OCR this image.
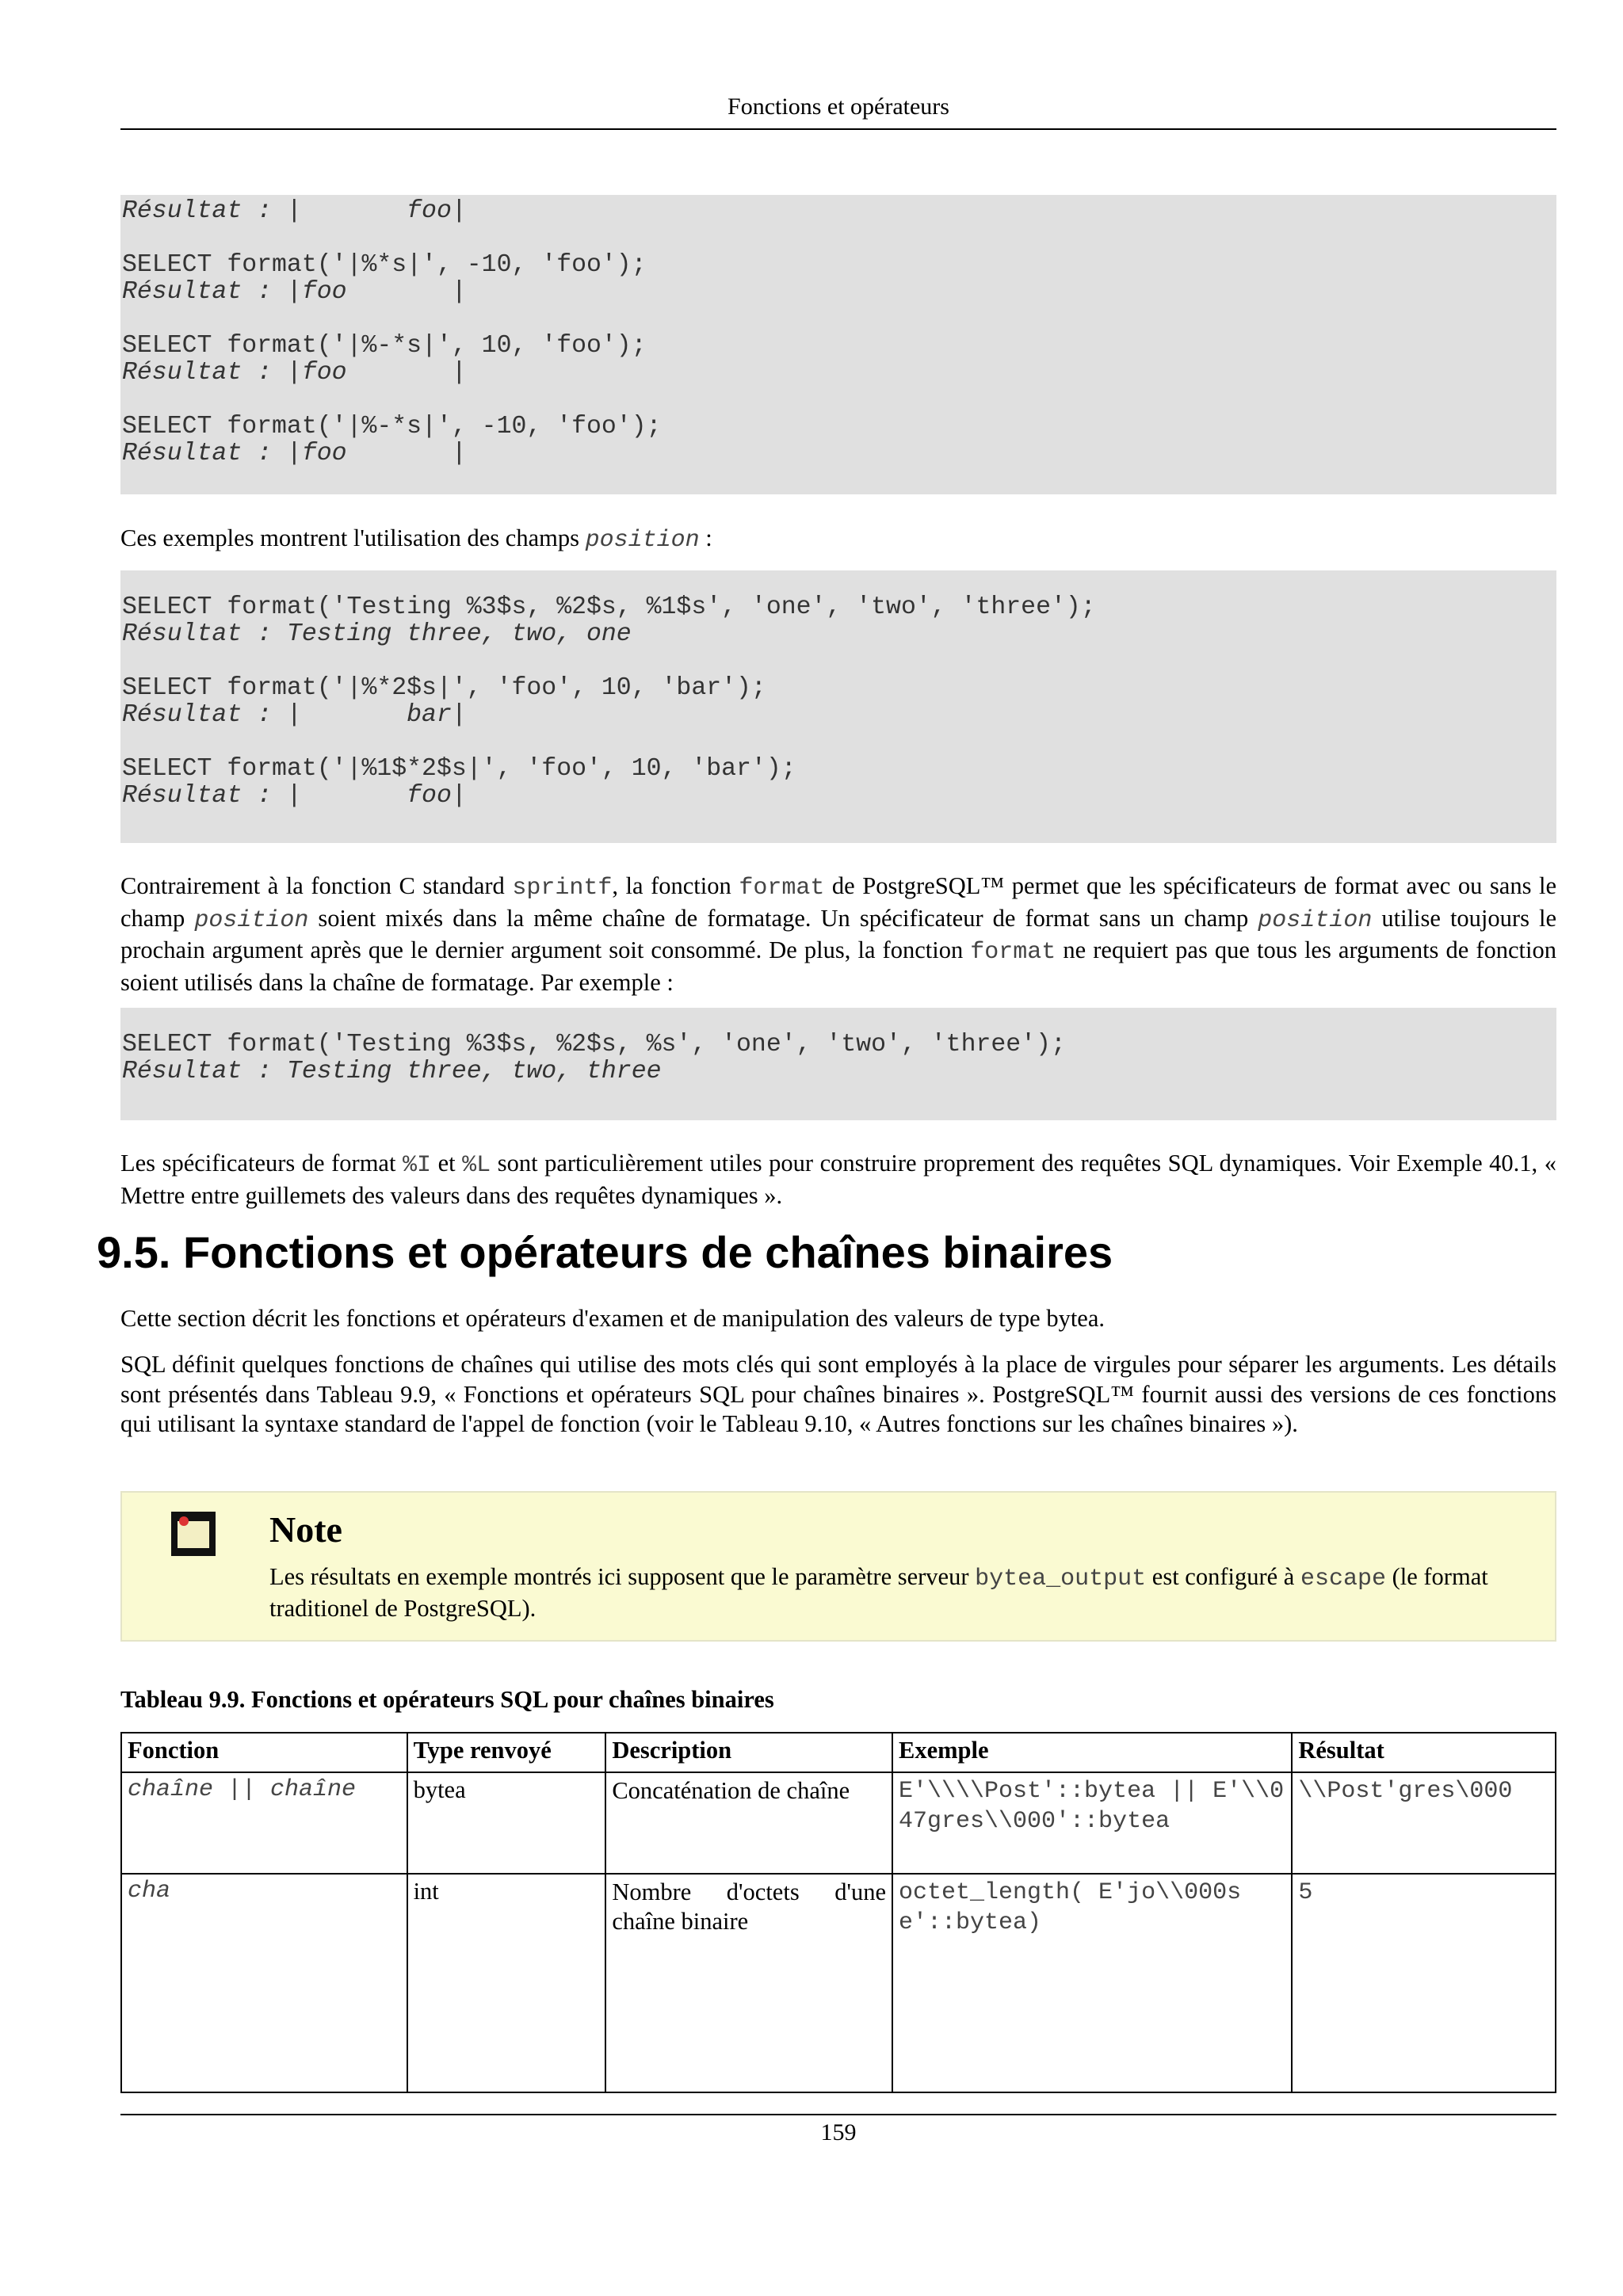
Fonctions et opérateurs
Résultat : |       foo|
SELECT format('|%*s|', -10, 'foo');
Résultat : |foo       |
SELECT format('|%-*s|', 10, 'foo');
Résultat : |foo       |
SELECT format('|%-*s|', -10, 'foo');
Résultat : |foo       |
Ces exemples montrent l'utilisation des champs position :
SELECT format('Testing %3$s, %2$s, %1$s', 'one', 'two', 'three');
Résultat : Testing three, two, one
SELECT format('|%*2$s|', 'foo', 10, 'bar');
Résultat : |       bar|
SELECT format('|%1$*2$s|', 'foo', 10, 'bar');
Résultat : |       foo|
Contrairement à la fonction C standard sprintf, la fonction format de PostgreSQL™ permet que les spécificateurs de format avec ou sans le champ position soient mixés dans la même chaîne de formatage. Un spécificateur de format sans un champ position utilise toujours le prochain argument après que le dernier argument soit consommé. De plus, la fonction format ne requiert pas que tous les arguments de fonction soient utilisés dans la chaîne de formatage. Par exemple :
SELECT format('Testing %3$s, %2$s, %s', 'one', 'two', 'three');
Résultat : Testing three, two, three
Les spécificateurs de format %I et %L sont particulièrement utiles pour construire proprement des requêtes SQL dynamiques. Voir Exemple 40.1, « Mettre entre guillemets des valeurs dans des requêtes dynamiques ».
9.5. Fonctions et opérateurs de chaînes binaires
Cette section décrit les fonctions et opérateurs d'examen et de manipulation des valeurs de type bytea.
SQL définit quelques fonctions de chaînes qui utilise des mots clés qui sont employés à la place de virgules pour séparer les arguments. Les détails sont présentés dans Tableau 9.9, « Fonctions et opérateurs SQL pour chaînes binaires ». PostgreSQL™ fournit aussi des versions de ces fonctions qui utilisant la syntaxe standard de l'appel de fonction (voir le Tableau 9.10, « Autres fonctions sur les chaînes binaires »).
Note
Les résultats en exemple montrés ici supposent que le paramètre serveur bytea_output est configuré à escape (le format traditionel de PostgreSQL).
Tableau 9.9. Fonctions et opérateurs SQL pour chaînes binaires
Fonction	Type renvoyé	Description	Exemple	Résultat
chaîne || chaîne	bytea	Concaténation de chaîne	E'\\\\Post'::bytea || E'\\047gres\\000'::bytea	\\Post'gres\000
cha	int	Nombre d'octets d'une chaîne binaire	octet_length( E'jo\\000se'::bytea)	5
159
